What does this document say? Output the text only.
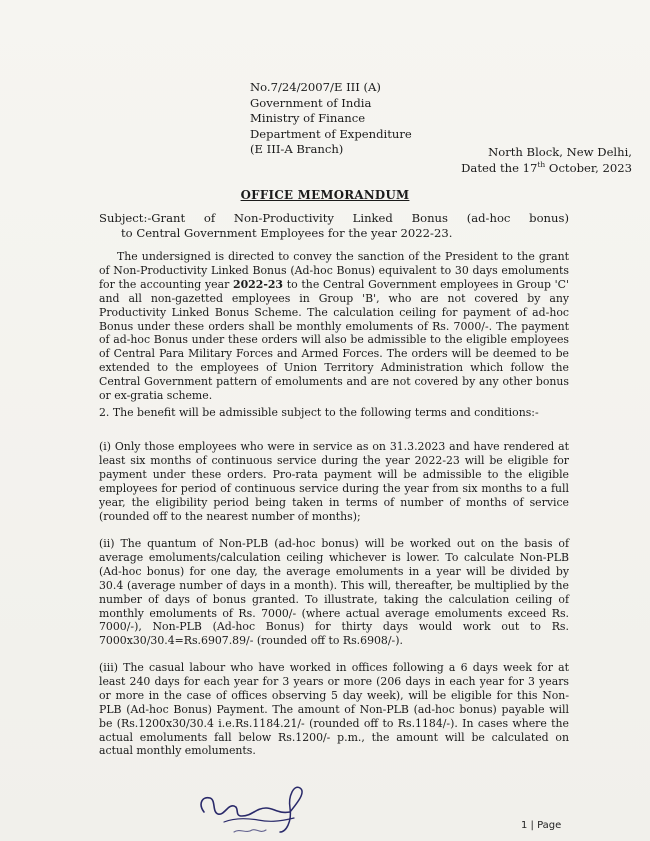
No.7/24/2007/E III (A)
Government of India
Ministry of Finance
Department of Expenditure
(E III-A Branch)	North Block, New Delhi,
Dated the 17th October, 2023
OFFICE MEMORANDUM
Subject:-Grant of Non-Productivity Linked Bonus (ad-hoc bonus)
to Central Government Employees for the year 2022-23.
The undersigned is directed to convey the sanction of the President to the grant of Non-Productivity Linked Bonus (Ad-hoc Bonus) equivalent to 30 days emoluments for the accounting year 2022-23 to the Central Government employees in Group 'C' and all non-gazetted employees in Group 'B', who are not covered by any Productivity Linked Bonus Scheme. The calculation ceiling for payment of ad-hoc Bonus under these orders shall be monthly emoluments of Rs. 7000/-. The payment of ad-hoc Bonus under these orders will also be admissible to the eligible employees of Central Para Military Forces and Armed Forces. The orders will be deemed to be extended to the employees of Union Territory Administration which follow the Central Government pattern of emoluments and are not covered by any other bonus or ex-gratia scheme.
2. The benefit will be admissible subject to the following terms and conditions:-
(i) Only those employees who were in service as on 31.3.2023 and have rendered at least six months of continuous service during the year 2022-23 will be eligible for payment under these orders. Pro-rata payment will be admissible to the eligible employees for period of continuous service during the year from six months to a full year, the eligibility period being taken in terms of number of months of service (rounded off to the nearest number of months);
(ii) The quantum of Non-PLB (ad-hoc bonus) will be worked out on the basis of average emoluments/calculation ceiling whichever is lower. To calculate Non-PLB (Ad-hoc bonus) for one day, the average emoluments in a year will be divided by 30.4 (average number of days in a month). This will, thereafter, be multiplied by the number of days of bonus granted. To illustrate, taking the calculation ceiling of monthly emoluments of Rs. 7000/- (where actual average emoluments exceed Rs. 7000/-), Non-PLB (Ad-hoc Bonus) for thirty days would work out to Rs. 7000x30/30.4=Rs.6907.89/- (rounded off to Rs.6908/-).
(iii) The casual labour who have worked in offices following a 6 days week for at least 240 days for each year for 3 years or more (206 days in each year for 3 years or more in the case of offices observing 5 day week), will be eligible for this Non-PLB (Ad-hoc Bonus) Payment. The amount of Non-PLB (ad-hoc bonus) payable will be (Rs.1200x30/30.4 i.e.Rs.1184.21/- (rounded off to Rs.1184/-). In cases where the actual emoluments fall below Rs.1200/- p.m., the amount will be calculated on actual monthly emoluments.
1 | Page
